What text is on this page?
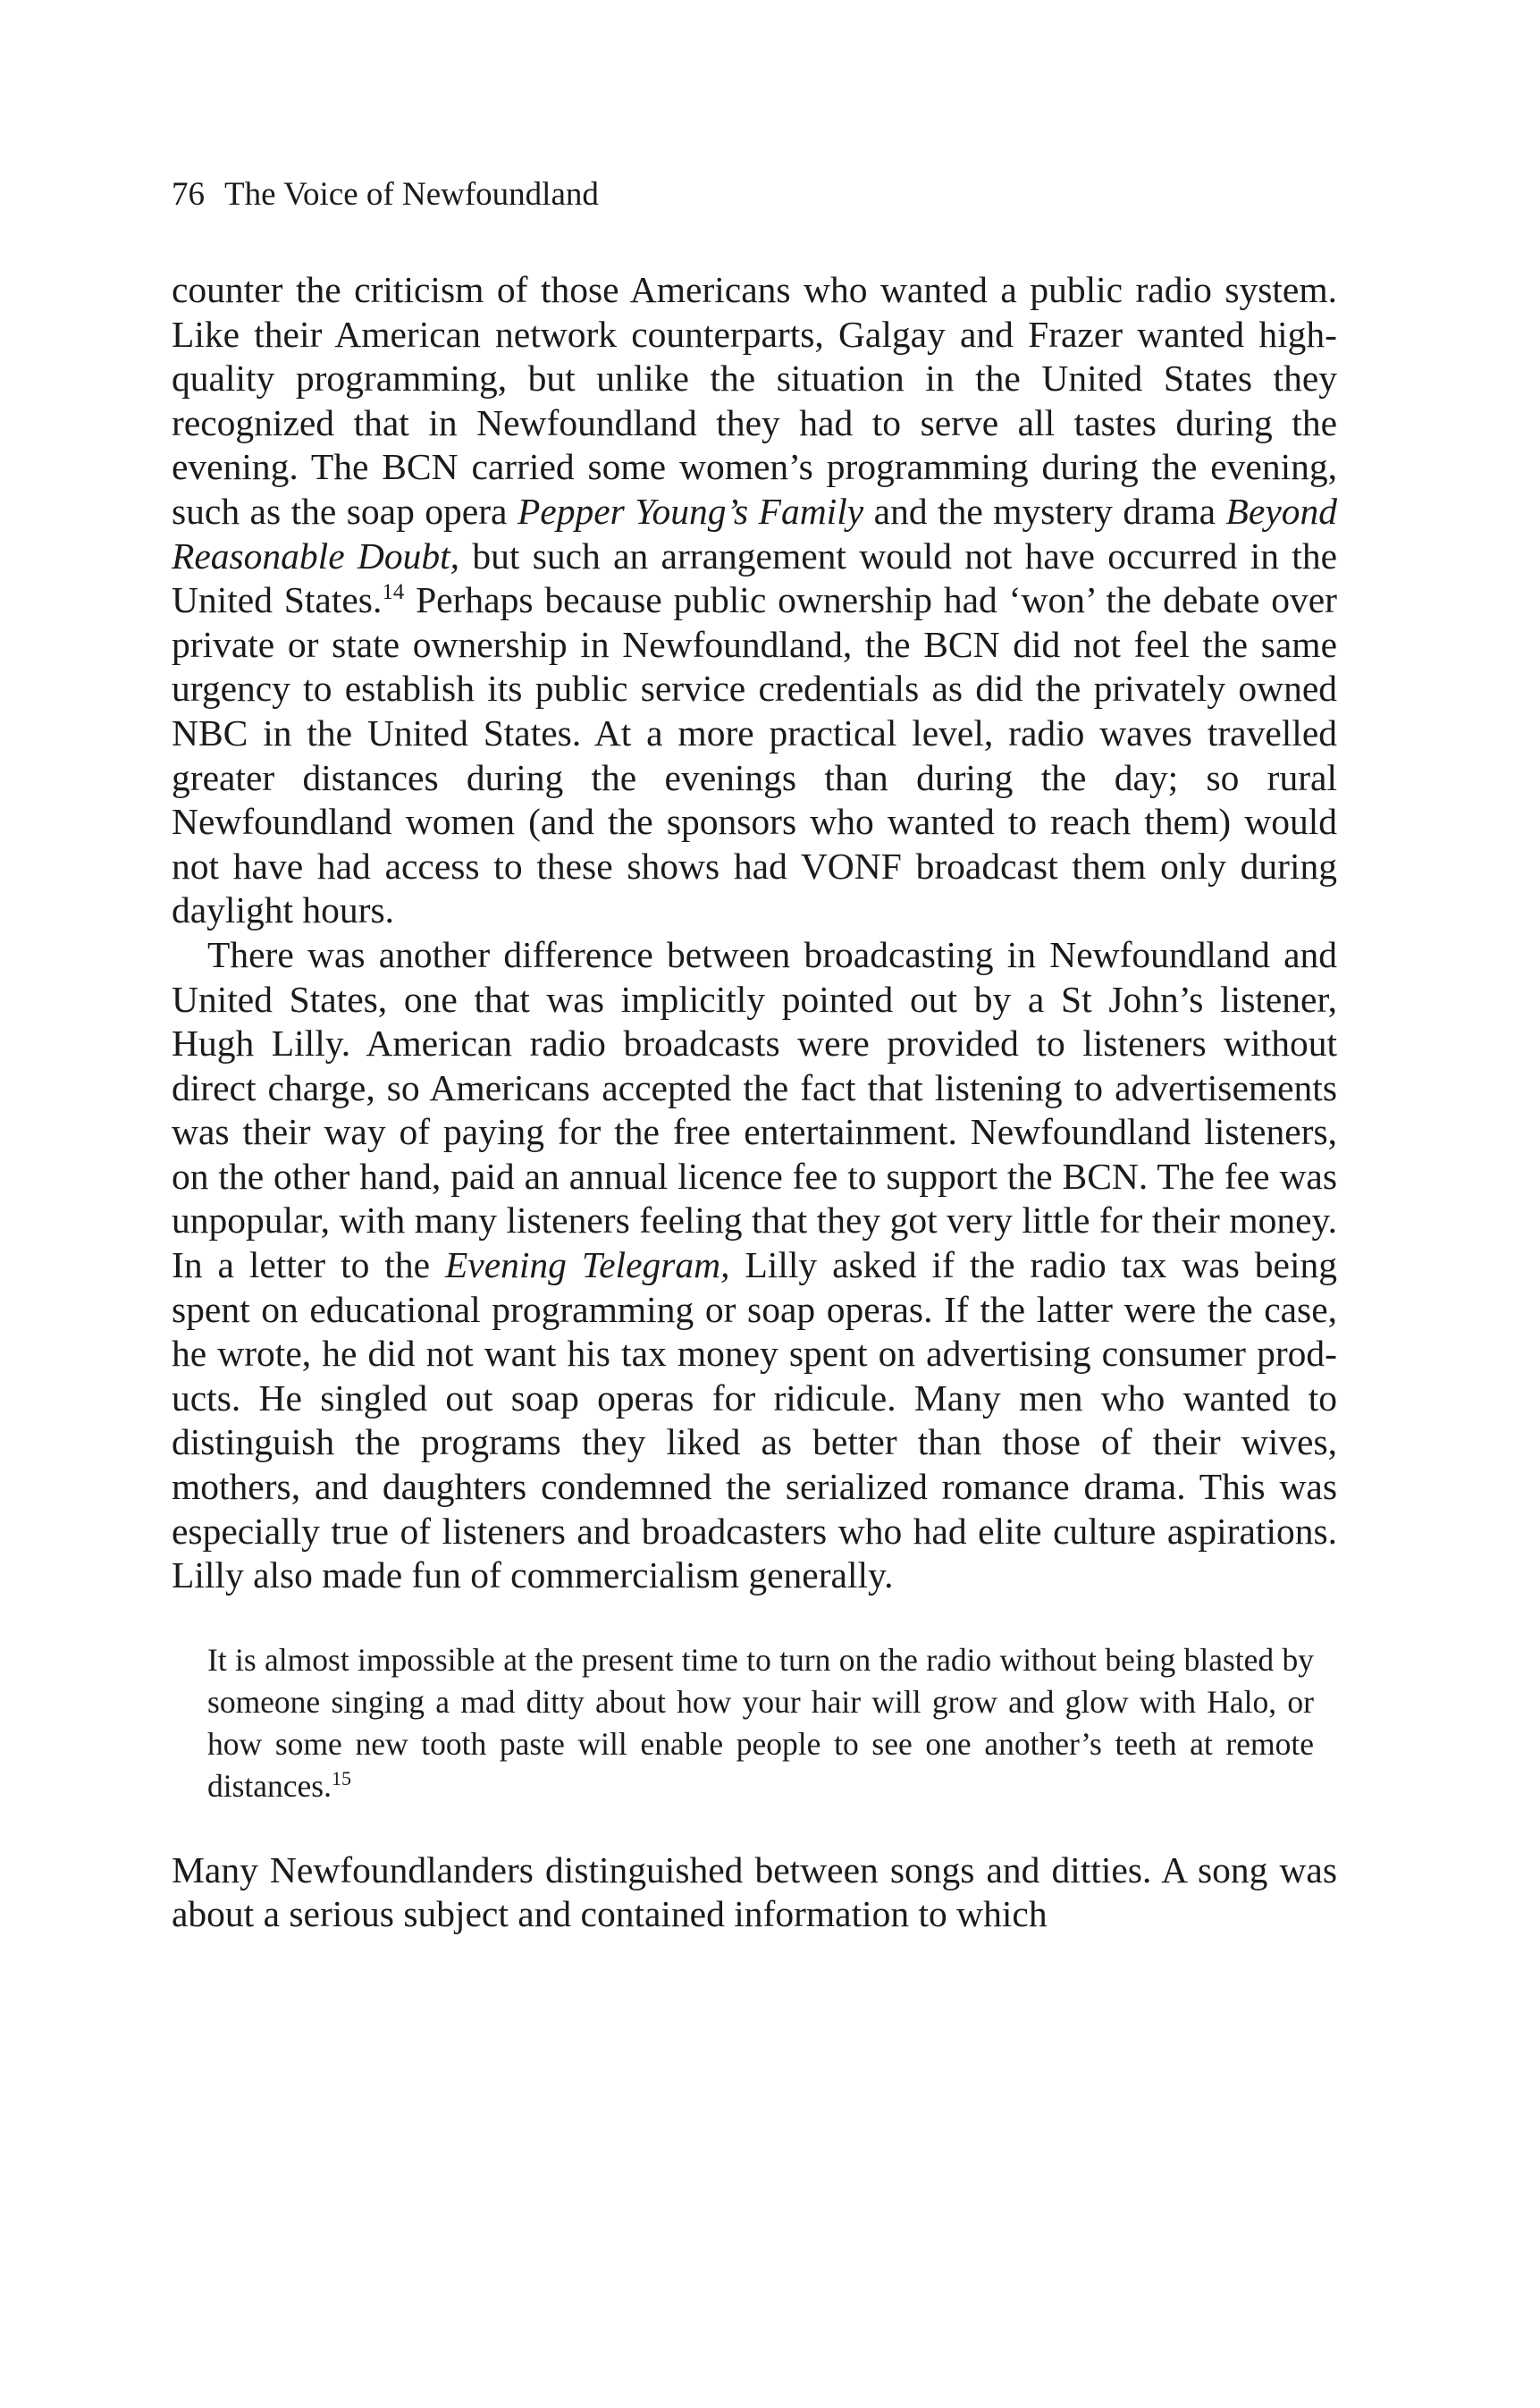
76 The Voice of Newfoundland

counter the criticism of those Americans who wanted a public radio system. Like their American network counterparts, Galgay and Frazer wanted high-quality programming, but unlike the situation in the United States they recognized that in Newfoundland they had to serve all tastes during the evening. The BCN carried some women’s programming during the evening, such as the soap opera Pepper Young’s Family and the mystery drama Beyond Reasonable Doubt, but such an arrangement would not have occurred in the United States.$^{14}$ Perhaps because public ownership had ‘won’ the debate over private or state ownership in Newfoundland, the BCN did not feel the same urgency to establish its public service credentials as did the privately owned NBC in the United States. At a more practical level, radio waves travelled greater distances during the evenings than during the day; so rural Newfoundland women (and the sponsors who wanted to reach them) would not have had access to these shows had VONF broadcast them only during daylight hours.

There was another difference between broadcasting in Newfoundland and United States, one that was implicitly pointed out by a St John’s listener, Hugh Lilly. American radio broadcasts were provided to listeners without direct charge, so Americans accepted the fact that listening to advertisements was their way of paying for the free entertainment. Newfoundland listeners, on the other hand, paid an annual licence fee to support the BCN. The fee was unpopular, with many listeners feeling that they got very little for their money. In a letter to the Evening Telegram, Lilly asked if the radio tax was being spent on educational programming or soap operas. If the latter were the case, he wrote, he did not want his tax money spent on advertising consumer products. He singled out soap operas for ridicule. Many men who wanted to distinguish the programs they liked as better than those of their wives, mothers, and daughters condemned the serialized romance drama. This was especially true of listeners and broadcasters who had elite culture aspirations. Lilly also made fun of commercialism generally.

It is almost impossible at the present time to turn on the radio without being blasted by someone singing a mad ditty about how your hair will grow and glow with Halo, or how some new tooth paste will enable people to see one another’s teeth at remote distances.$^{15}$

Many Newfoundlanders distinguished between songs and ditties. A song was about a serious subject and contained information to which
